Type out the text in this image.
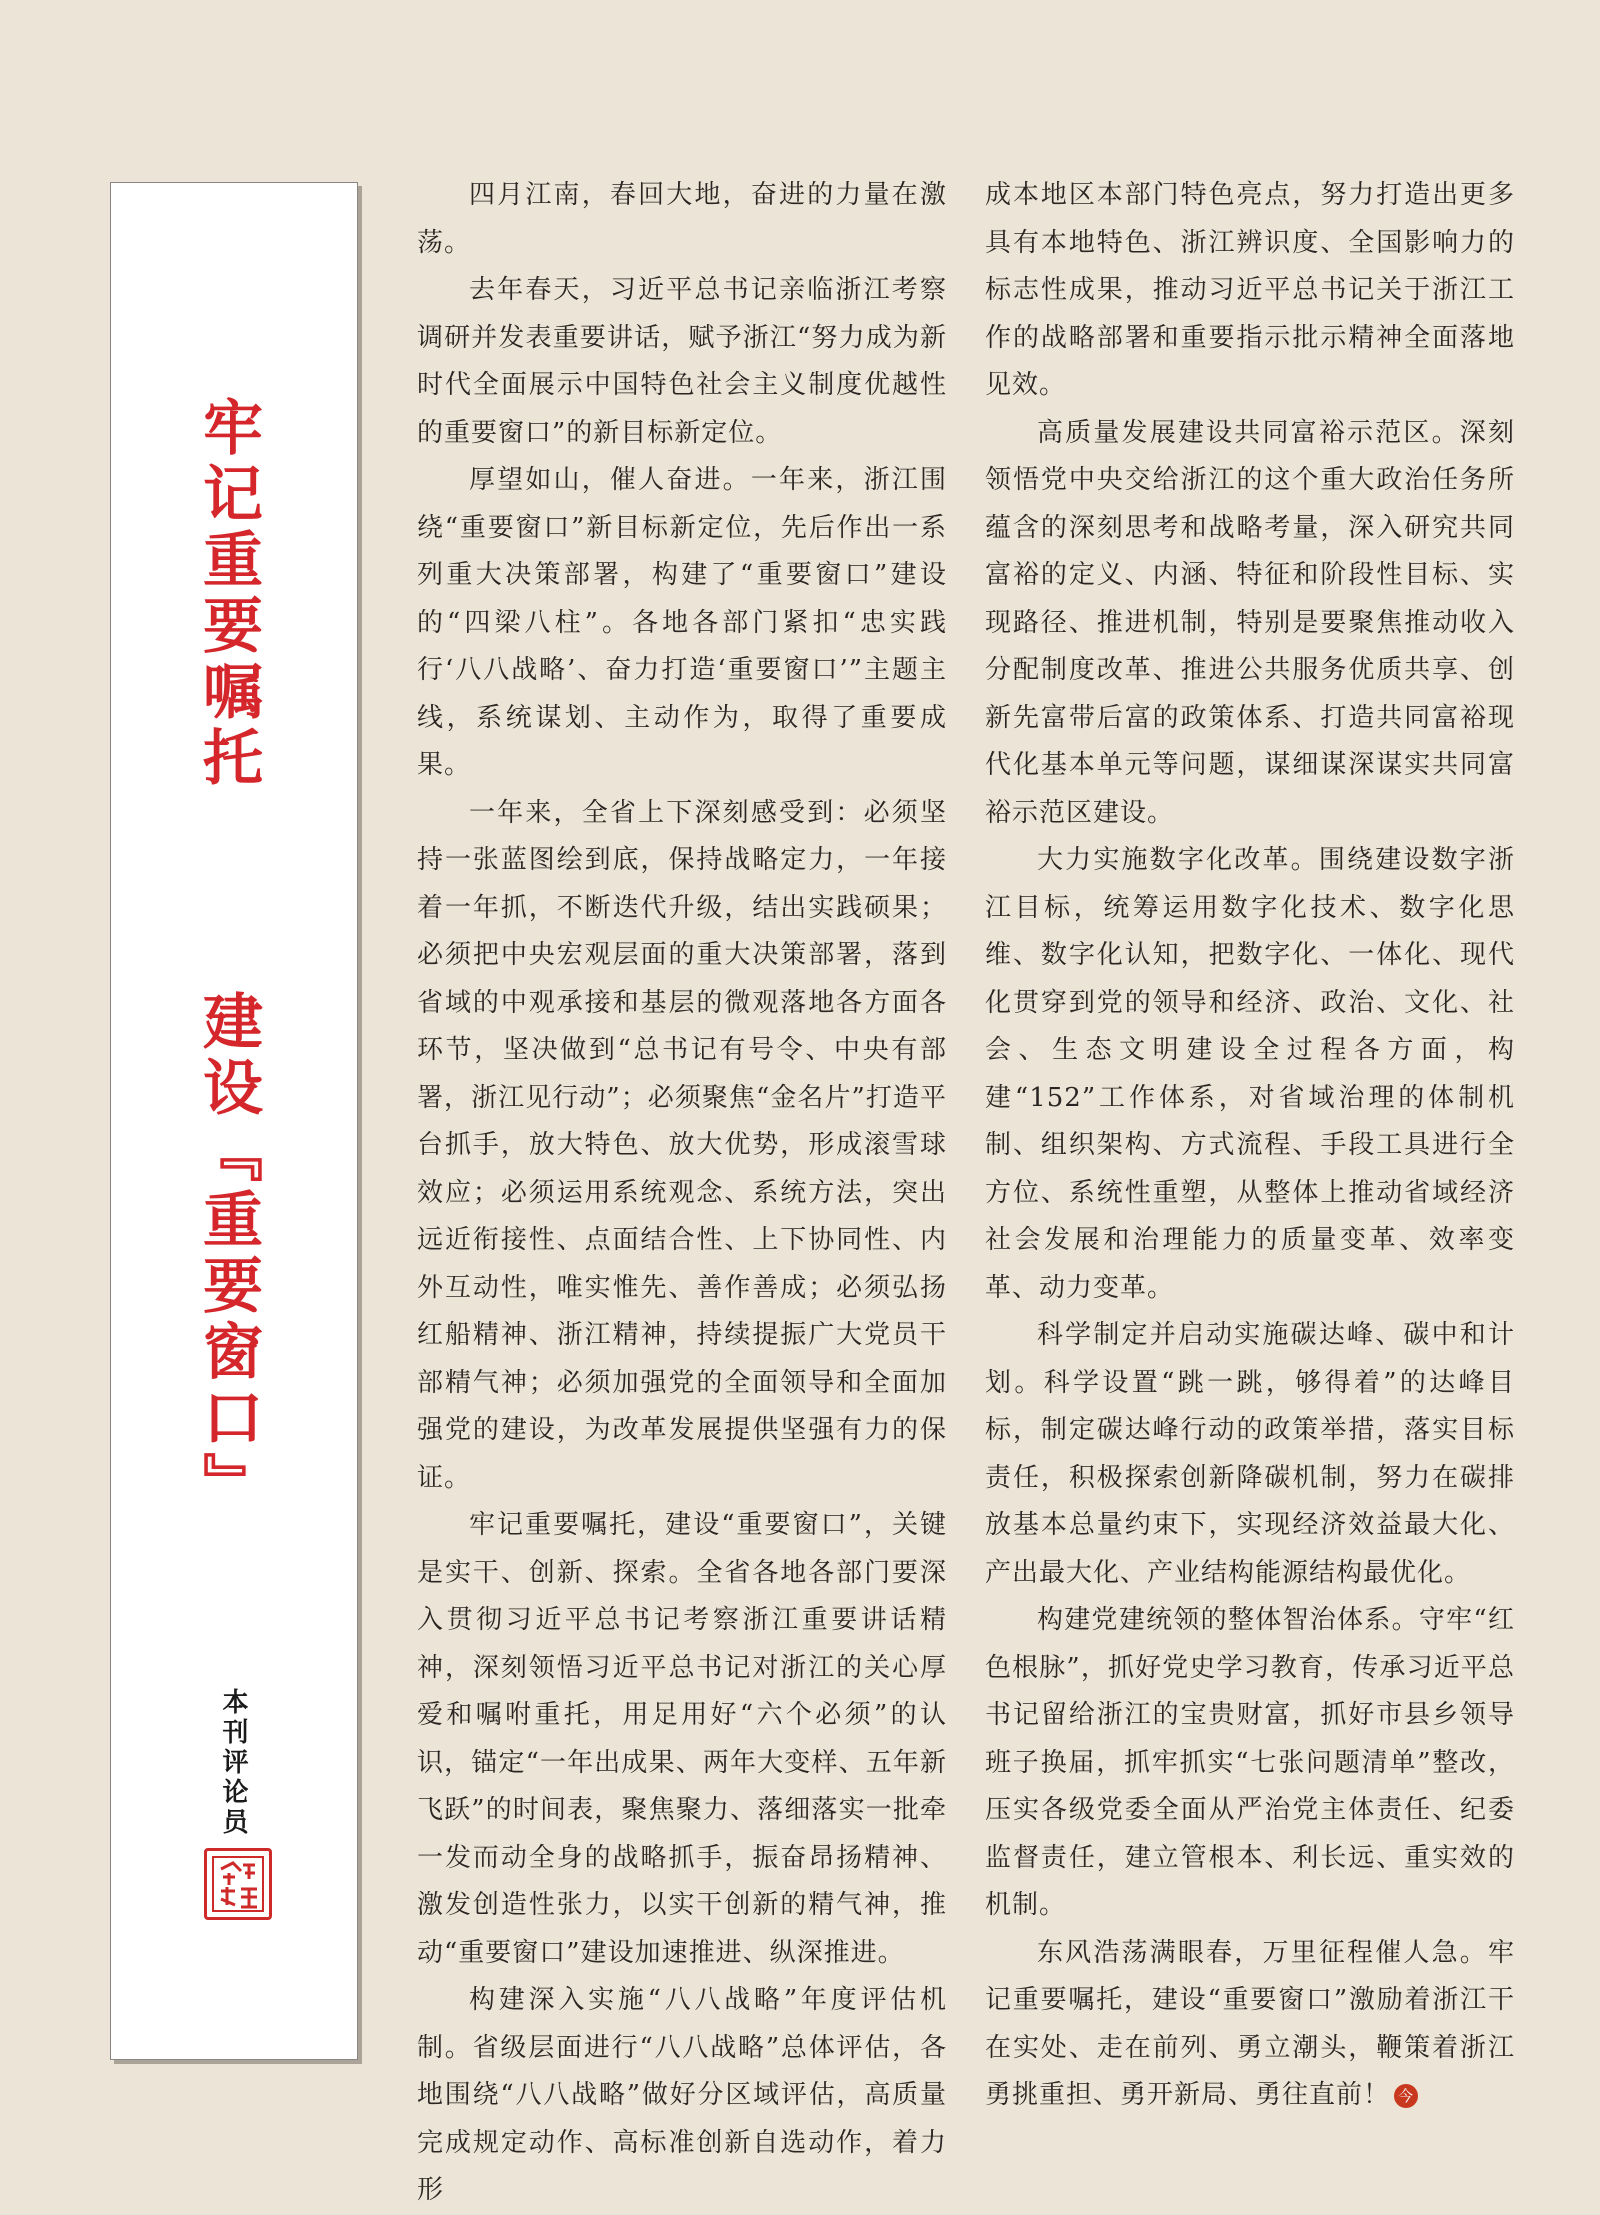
牢记重要嘱托
建设『重要窗口』
本刊评论员

四月江南，春回大地，奋进的力量在激荡。

去年春天，习近平总书记亲临浙江考察调研并发表重要讲话，赋予浙江“努力成为新时代全面展示中国特色社会主义制度优越性的重要窗口”的新目标新定位。

厚望如山，催人奋进。一年来，浙江围绕“重要窗口”新目标新定位，先后作出一系列重大决策部署，构建了“重要窗口”建设的“四梁八柱”。各地各部门紧扣“忠实践行‘八八战略’、奋力打造‘重要窗口’”主题主线，系统谋划、主动作为，取得了重要成果。

一年来，全省上下深刻感受到：必须坚持一张蓝图绘到底，保持战略定力，一年接着一年抓，不断迭代升级，结出实践硕果；必须把中央宏观层面的重大决策部署，落到省域的中观承接和基层的微观落地各方面各环节，坚决做到“总书记有号令、中央有部署，浙江见行动”；必须聚焦“金名片”打造平台抓手，放大特色、放大优势，形成滚雪球效应；必须运用系统观念、系统方法，突出远近衔接性、点面结合性、上下协同性、内外互动性，唯实惟先、善作善成；必须弘扬红船精神、浙江精神，持续提振广大党员干部精气神；必须加强党的全面领导和全面加强党的建设，为改革发展提供坚强有力的保证。

牢记重要嘱托，建设“重要窗口”，关键是实干、创新、探索。全省各地各部门要深入贯彻习近平总书记考察浙江重要讲话精神，深刻领悟习近平总书记对浙江的关心厚爱和嘱咐重托，用足用好“六个必须”的认识，锚定“一年出成果、两年大变样、五年新飞跃”的时间表，聚焦聚力、落细落实一批牵一发而动全身的战略抓手，振奋昂扬精神、激发创造性张力，以实干创新的精气神，推动“重要窗口”建设加速推进、纵深推进。

构建深入实施“八八战略”年度评估机制。省级层面进行“八八战略”总体评估，各地围绕“八八战略”做好分区域评估，高质量完成规定动作、高标准创新自选动作，着力形

成本地区本部门特色亮点，努力打造出更多具有本地特色、浙江辨识度、全国影响力的标志性成果，推动习近平总书记关于浙江工作的战略部署和重要指示批示精神全面落地见效。

高质量发展建设共同富裕示范区。深刻领悟党中央交给浙江的这个重大政治任务所蕴含的深刻思考和战略考量，深入研究共同富裕的定义、内涵、特征和阶段性目标、实现路径、推进机制，特别是要聚焦推动收入分配制度改革、推进公共服务优质共享、创新先富带后富的政策体系、打造共同富裕现代化基本单元等问题，谋细谋深谋实共同富裕示范区建设。

大力实施数字化改革。围绕建设数字浙江目标，统筹运用数字化技术、数字化思维、数字化认知，把数字化、一体化、现代化贯穿到党的领导和经济、政治、文化、社会、生态文明建设全过程各方面，构建“152”工作体系，对省域治理的体制机制、组织架构、方式流程、手段工具进行全方位、系统性重塑，从整体上推动省域经济社会发展和治理能力的质量变革、效率变革、动力变革。

科学制定并启动实施碳达峰、碳中和计划。科学设置“跳一跳，够得着”的达峰目标，制定碳达峰行动的政策举措，落实目标责任，积极探索创新降碳机制，努力在碳排放基本总量约束下，实现经济效益最大化、产出最大化、产业结构能源结构最优化。

构建党建统领的整体智治体系。守牢“红色根脉”，抓好党史学习教育，传承习近平总书记留给浙江的宝贵财富，抓好市县乡领导班子换届，抓牢抓实“七张问题清单”整改，压实各级党委全面从严治党主体责任、纪委监督责任，建立管根本、利长远、重实效的机制。

东风浩荡满眼春，万里征程催人急。牢记重要嘱托，建设“重要窗口”激励着浙江干在实处、走在前列、勇立潮头，鞭策着浙江勇挑重担、勇开新局、勇往直前！ 今
